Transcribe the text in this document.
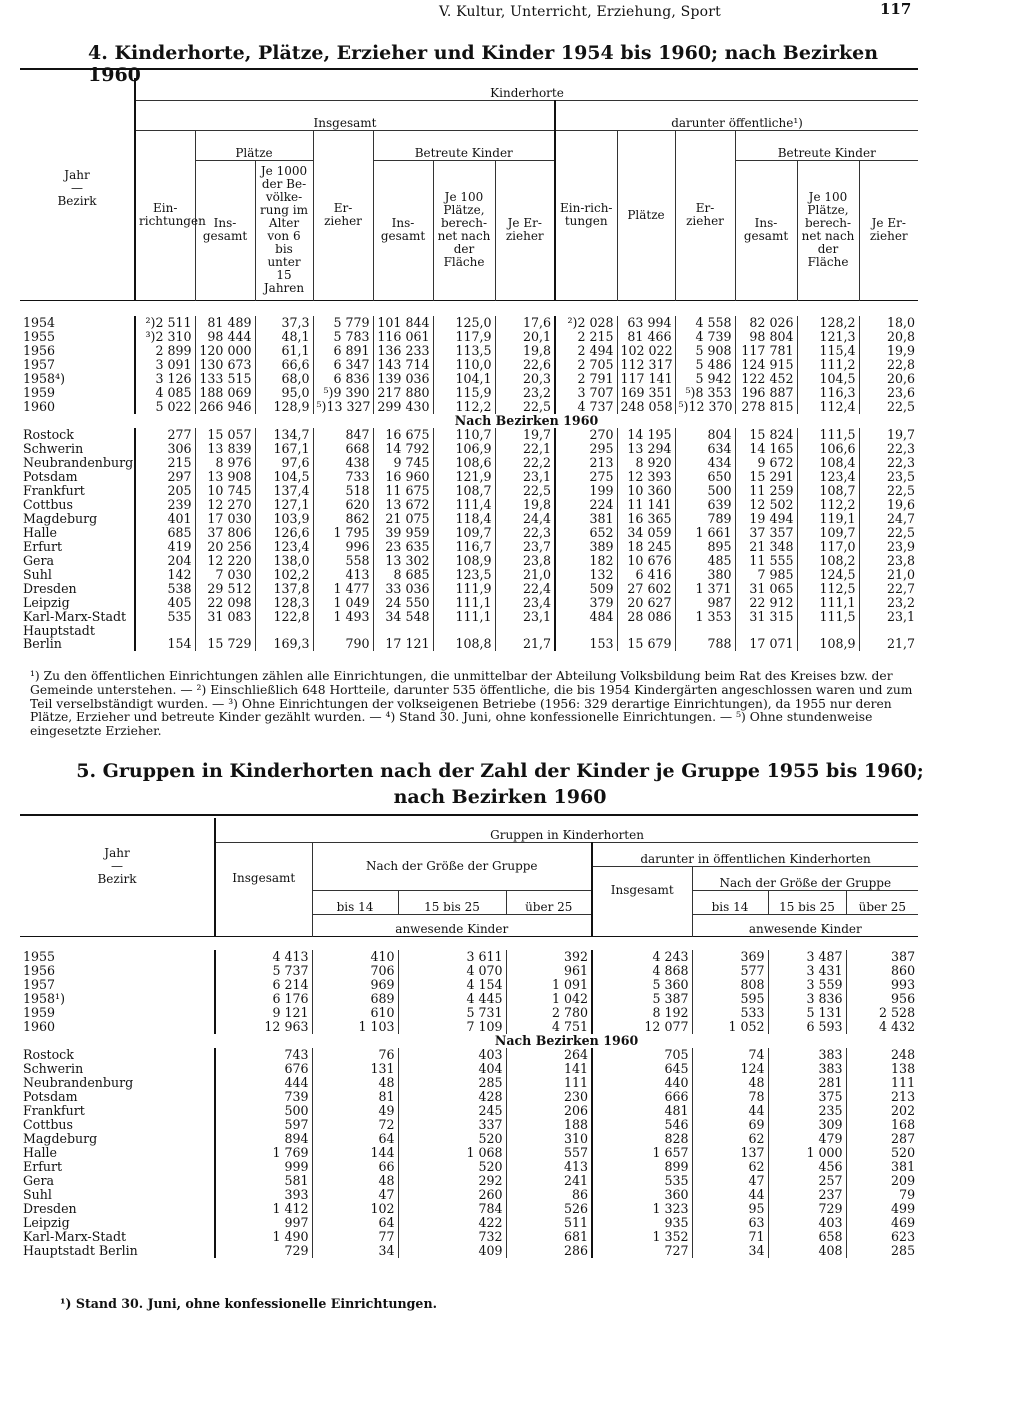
V. Kultur, Unterricht, Erziehung, Sport	117
4. Kinderhorte, Plätze, Erzieher und Kinder 1954 bis 1960; nach Bezirken 1960
Jahr
—
Bezirk	Kinderhorte												
	Insgesamt							darunter öffentliche¹)					
	Ein-richtungen	Plätze		Er-zieher	Betreute Kinder			Ein-rich-tungen	Plätze	Er-zieher	Betreute Kinder		
		Ins-gesamt	Je 1000 der Be-völke-rung im Alter von 6 bis unter 15 Jahren		Ins-gesamt	Je 100 Plätze, berech-net nach der Fläche	Je Er-zieher				Ins-gesamt	Je 100 Plätze, berech-net nach der Fläche	Je Er-zieher

1954	²)2 511	81 489	37,3	5 779	101 844	125,0	17,6	²)2 028	63 994	4 558	82 026	128,2	18,0
1955	³)2 310	98 444	48,1	5 783	116 061	117,9	20,1	2 215	81 466	4 739	98 804	121,3	20,8
1956	2 899	120 000	61,1	6 891	136 233	113,5	19,8	2 494	102 022	5 908	117 781	115,4	19,9
1957	3 091	130 673	66,6	6 347	143 714	110,0	22,6	2 705	112 317	5 486	124 915	111,2	22,8
1958⁴)	3 126	133 515	68,0	6 836	139 036	104,1	20,3	2 791	117 141	5 942	122 452	104,5	20,6
1959	4 085	188 069	95,0	⁵)9 390	217 880	115,9	23,2	3 707	169 351	⁵)8 353	196 887	116,3	23,6
1960	5 022	266 946	128,9	⁵)13 327	299 430	112,2	22,5	4 737	248 058	⁵)12 370	278 815	112,4	22,5
	Nach Bezirken 1960												
Rostock	277	15 057	134,7	847	16 675	110,7	19,7	270	14 195	804	15 824	111,5	19,7
Schwerin	306	13 839	167,1	668	14 792	106,9	22,1	295	13 294	634	14 165	106,6	22,3
Neubrandenburg	215	8 976	97,6	438	9 745	108,6	22,2	213	8 920	434	9 672	108,4	22,3
Potsdam	297	13 908	104,5	733	16 960	121,9	23,1	275	12 393	650	15 291	123,4	23,5
Frankfurt	205	10 745	137,4	518	11 675	108,7	22,5	199	10 360	500	11 259	108,7	22,5
Cottbus	239	12 270	127,1	620	13 672	111,4	19,8	224	11 141	639	12 502	112,2	19,6
Magdeburg	401	17 030	103,9	862	21 075	118,4	24,4	381	16 365	789	19 494	119,1	24,7
Halle	685	37 806	126,6	1 795	39 959	109,7	22,3	652	34 059	1 661	37 357	109,7	22,5
Erfurt	419	20 256	123,4	996	23 635	116,7	23,7	389	18 245	895	21 348	117,0	23,9
Gera	204	12 220	138,0	558	13 302	108,9	23,8	182	10 676	485	11 555	108,2	23,8
Suhl	142	7 030	102,2	413	8 685	123,5	21,0	132	6 416	380	7 985	124,5	21,0
Dresden	538	29 512	137,8	1 477	33 036	111,9	22,4	509	27 602	1 371	31 065	112,5	22,7
Leipzig	405	22 098	128,3	1 049	24 550	111,1	23,4	379	20 627	987	22 912	111,1	23,2
Karl-Marx-Stadt	535	31 083	122,8	1 493	34 548	111,1	23,1	484	28 086	1 353	31 315	111,5	23,1
Hauptstadt													
Berlin	154	15 729	169,3	790	17 121	108,8	21,7	153	15 679	788	17 071	108,9	21,7
¹) Zu den öffentlichen Einrichtungen zählen alle Einrichtungen, die unmittelbar der Abteilung Volksbildung beim Rat des Kreises bzw. der Gemeinde unterstehen. — ²) Einschließlich 648 Hortteile, darunter 535 öffentliche, die bis 1954 Kindergärten angeschlossen waren und zum Teil verselbständigt wurden. — ³) Ohne Einrichtungen der volkseigenen Betriebe (1956: 329 derartige Einrichtungen), da 1955 nur deren Plätze, Erzieher und betreute Kinder gezählt wurden. — ⁴) Stand 30. Juni, ohne konfessionelle Einrichtungen. — ⁵) Ohne stundenweise eingesetzte Erzieher.
5. Gruppen in Kinderhorten nach der Zahl der Kinder je Gruppe 1955 bis 1960;
nach Bezirken 1960
Jahr
—
Bezirk	Gruppen in Kinderhorten							
	Insgesamt	Nach der Größe der Gruppe			darunter in öffentlichen Kinderhorten			
					Insgesamt	Nach der Größe der Gruppe		
		bis 14	15 bis 25	über 25		bis 14	15 bis 25	über 25
		anwesende Kinder				anwesende Kinder		

1955	4 413	410	3 611	392	4 243	369	3 487	387
1956	5 737	706	4 070	961	4 868	577	3 431	860
1957	6 214	969	4 154	1 091	5 360	808	3 559	993
1958¹)	6 176	689	4 445	1 042	5 387	595	3 836	956
1959	9 121	610	5 731	2 780	8 192	533	5 131	2 528
1960	12 963	1 103	7 109	4 751	12 077	1 052	6 593	4 432
	Nach Bezirken 1960							
Rostock	743	76	403	264	705	74	383	248
Schwerin	676	131	404	141	645	124	383	138
Neubrandenburg	444	48	285	111	440	48	281	111
Potsdam	739	81	428	230	666	78	375	213
Frankfurt	500	49	245	206	481	44	235	202
Cottbus	597	72	337	188	546	69	309	168
Magdeburg	894	64	520	310	828	62	479	287
Halle	1 769	144	1 068	557	1 657	137	1 000	520
Erfurt	999	66	520	413	899	62	456	381
Gera	581	48	292	241	535	47	257	209
Suhl	393	47	260	86	360	44	237	79
Dresden	1 412	102	784	526	1 323	95	729	499
Leipzig	997	64	422	511	935	63	403	469
Karl-Marx-Stadt	1 490	77	732	681	1 352	71	658	623
Hauptstadt Berlin	729	34	409	286	727	34	408	285
¹) Stand 30. Juni, ohne konfessionelle Einrichtungen.
